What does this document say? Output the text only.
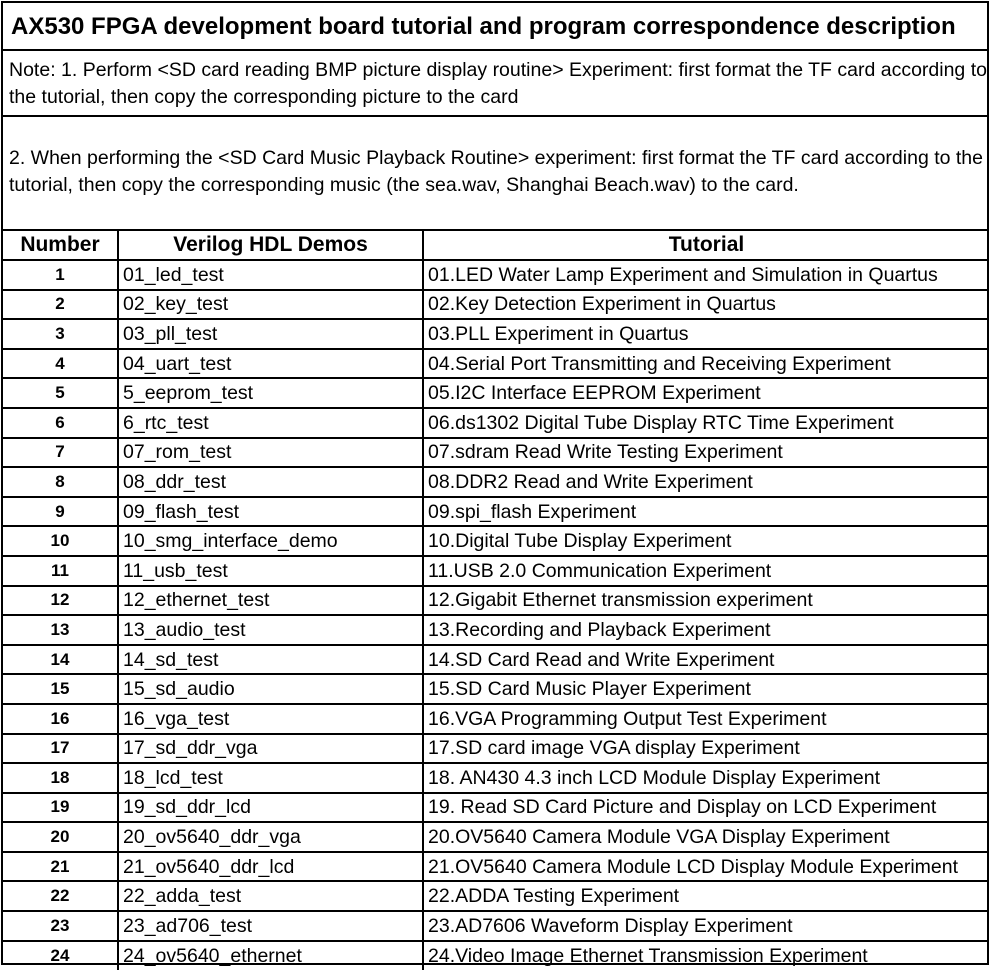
AX530 FPGA development board tutorial and program correspondence description
Note: 1. Perform <SD card reading BMP picture display routine> Experiment: first format the TF card according to the tutorial, then copy the corresponding picture to the card
2. When performing the <SD Card Music Playback Routine> experiment: first format the TF card according to the tutorial, then copy the corresponding music (the sea.wav, Shanghai Beach.wav) to the card.
Number	Verilog HDL Demos	Tutorial
1	01_led_test	01.LED Water Lamp Experiment and Simulation in Quartus
2	02_key_test	02.Key Detection Experiment in Quartus
3	03_pll_test	03.PLL Experiment in Quartus
4	04_uart_test	04.Serial Port Transmitting and Receiving Experiment
5	5_eeprom_test	05.I2C Interface EEPROM Experiment
6	6_rtc_test	06.ds1302 Digital Tube Display RTC Time Experiment
7	07_rom_test	07.sdram Read Write Testing Experiment
8	08_ddr_test	08.DDR2 Read and Write Experiment
9	09_flash_test	09.spi_flash Experiment
10	10_smg_interface_demo	10.Digital Tube Display Experiment
11	11_usb_test	11.USB 2.0 Communication Experiment
12	12_ethernet_test	12.Gigabit Ethernet transmission experiment
13	13_audio_test	13.Recording and Playback Experiment
14	14_sd_test	14.SD Card Read and Write Experiment
15	15_sd_audio	15.SD Card Music Player Experiment
16	16_vga_test	16.VGA Programming Output Test Experiment
17	17_sd_ddr_vga	17.SD card image VGA display Experiment
18	18_lcd_test	18. AN430 4.3 inch LCD Module Display Experiment
19	19_sd_ddr_lcd	19. Read SD Card Picture and Display on LCD Experiment
20	20_ov5640_ddr_vga	20.OV5640 Camera Module VGA Display Experiment
21	21_ov5640_ddr_lcd	21.OV5640 Camera Module LCD Display Module Experiment
22	22_adda_test	22.ADDA Testing Experiment
23	23_ad706_test	23.AD7606 Waveform Display Experiment
24	24_ov5640_ethernet	24.Video Image Ethernet Transmission Experiment
